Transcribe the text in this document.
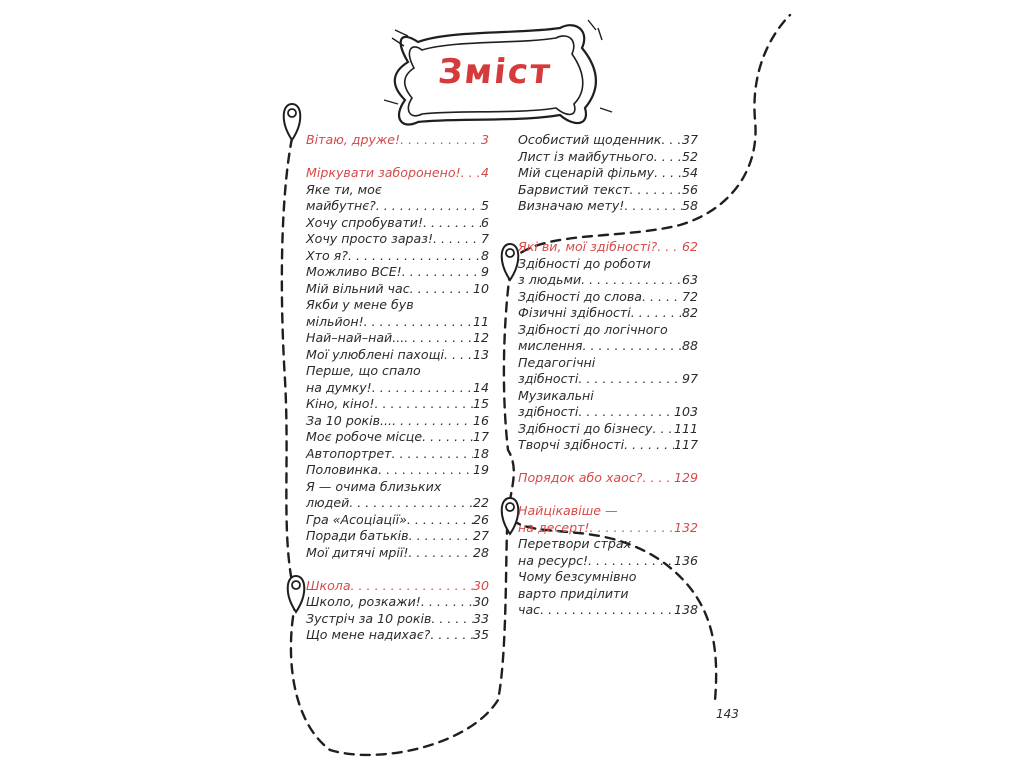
Зміст
Вітаю, друже! . . .	3
Міркувати заборонено! . . . 4
Яке ти, моє
майбутнє? . . .	5
Хочу спробувати! . . .	6
Хочу просто зараз! . . .	7
Хто я? . . .	8
Можливо ВСЕ! . . .	9
Мій вільний час . . .	10
Якби у мене був
мільйон! . . .	11
Най–най–най... . . .	12
Мої улюблені пахощі . . . 13
Перше, що спало
на думку! . . .	14
Кіно, кіно! . . .	15
За 10 років... . . .	16
Моє робоче місце . . .	17
Автопортрет . . .	18
Половинка . . .	19
Я — очима близьких
людей . . .	22
Гра «Асоціації» . . .	26
Поради батьків . . .	27
Мої дитячі мрії! . . .	28
Школа . . .	30
Школо, розкажи! . . .	30
Зустріч за 10 років . . .	33
Що мене надихає? . . .	35
Особистий щоденник . . . 37
Лист із майбутнього . . . 52
Мій сценарій фільму . . . 54
Барвистий текст . . .	56
Визначаю мету! . . .	58
Які ви, мої здібності? . . . 62
Здібності до роботи
з людьми . . .	63
Здібності до слова . . .	72
Фізичні здібності . . .	82
Здібності до логічного
мислення . . .	88
Педагогічні
здібності . . .	97
Музикальні
здібності . . .	103
Здібності до бізнесу . . . 111
Творчі здібності . . .	117
Порядок або хаос? . . .	129
Найцікавіше —
на десерт! . . .	132
Перетвори страх
на ресурс! . . .	136
Чому безсумнівно
варто приділити
час . . .	138
143
